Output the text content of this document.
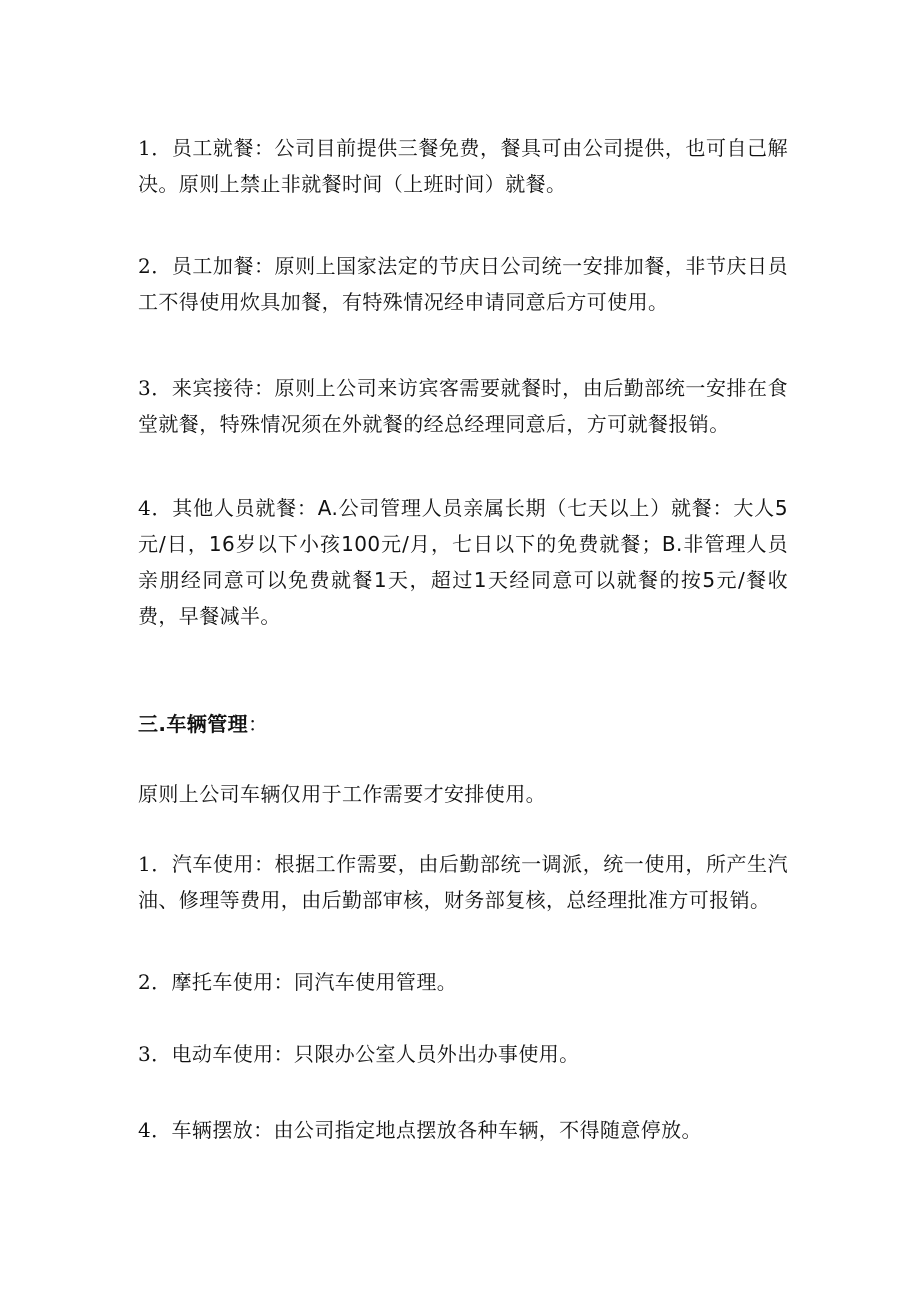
1．员工就餐：公司目前提供三餐免费，餐具可由公司提供，也可自己解决。原则上禁止非就餐时间（上班时间）就餐。

2．员工加餐：原则上国家法定的节庆日公司统一安排加餐，非节庆日员工不得使用炊具加餐，有特殊情况经申请同意后方可使用。

3．来宾接待：原则上公司来访宾客需要就餐时，由后勤部统一安排在食堂就餐，特殊情况须在外就餐的经总经理同意后，方可就餐报销。

4．其他人员就餐：A.公司管理人员亲属长期（七天以上）就餐：大人5元/日，16岁以下小孩100元/月，七日以下的免费就餐；B.非管理人员亲朋经同意可以免费就餐1天，超过1天经同意可以就餐的按5元/餐收费，早餐减半。

三.车辆管理：

原则上公司车辆仅用于工作需要才安排使用。

1．汽车使用：根据工作需要，由后勤部统一调派，统一使用，所产生汽油、修理等费用，由后勤部审核，财务部复核，总经理批准方可报销。

2．摩托车使用：同汽车使用管理。

3．电动车使用：只限办公室人员外出办事使用。

4．车辆摆放：由公司指定地点摆放各种车辆，不得随意停放。
